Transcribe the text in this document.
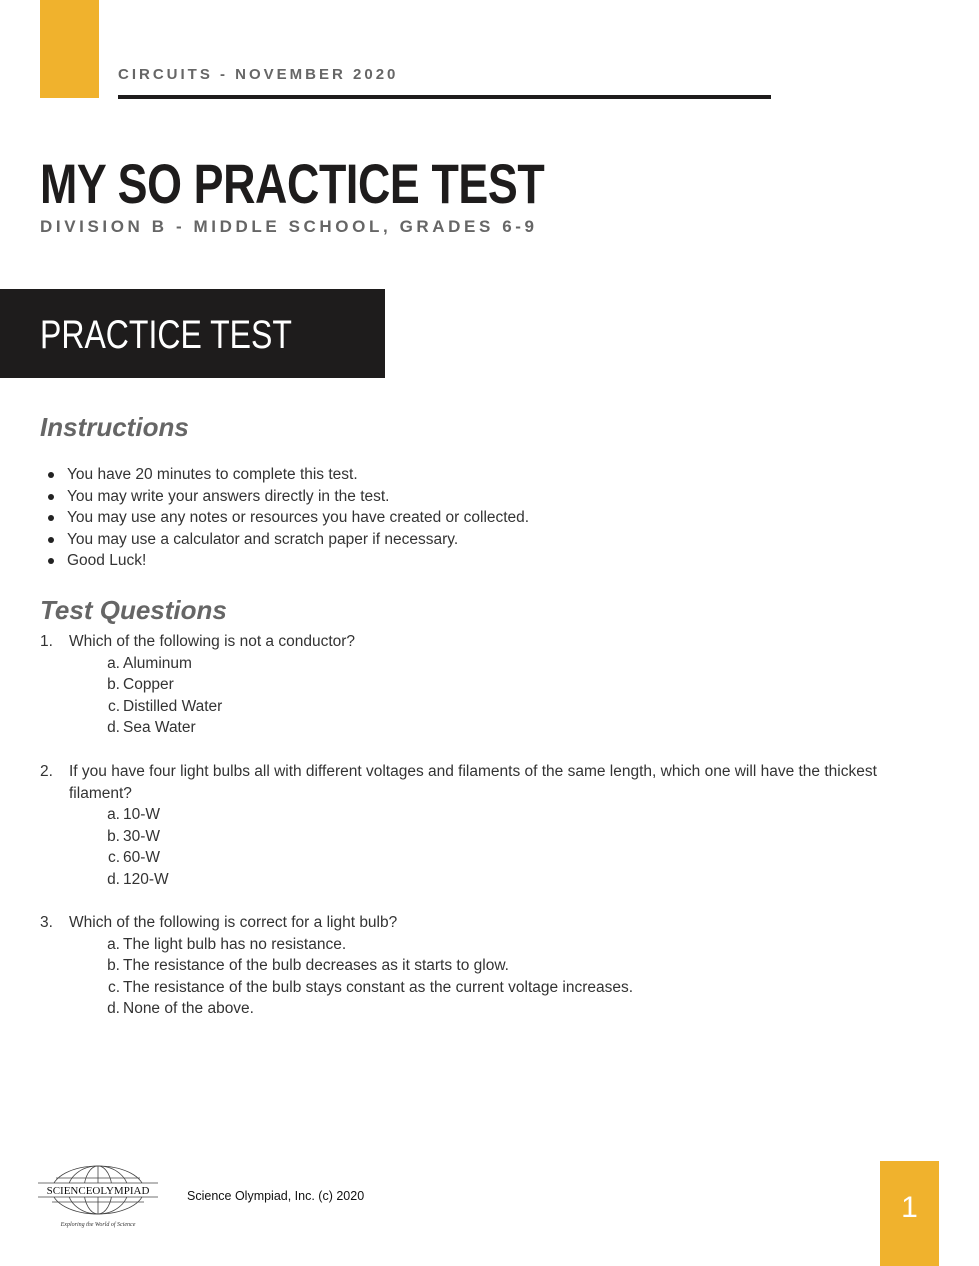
CIRCUITS - NOVEMBER 2020
MY SO PRACTICE TEST
DIVISION B - MIDDLE SCHOOL, GRADES 6-9
PRACTICE TEST
Instructions
You have 20 minutes to complete this test.
You may write your answers directly in the test.
You may use any notes or resources you have created or collected.
You may use a calculator and scratch paper if necessary.
Good Luck!
Test Questions
1. Which of the following is not a conductor?
a. Aluminum
b. Copper
c. Distilled Water
d. Sea Water
2. If you have four light bulbs all with different voltages and filaments of the same length, which one will have the thickest filament?
a. 10-W
b. 30-W
c. 60-W
d. 120-W
3. Which of the following is correct for a light bulb?
a. The light bulb has no resistance.
b. The resistance of the bulb decreases as it starts to glow.
c. The resistance of the bulb stays constant as the current voltage increases.
d. None of the above.
SCIENCEOLYMPIAD
Exploring the World of Science
Science Olympiad, Inc. (c) 2020	1
